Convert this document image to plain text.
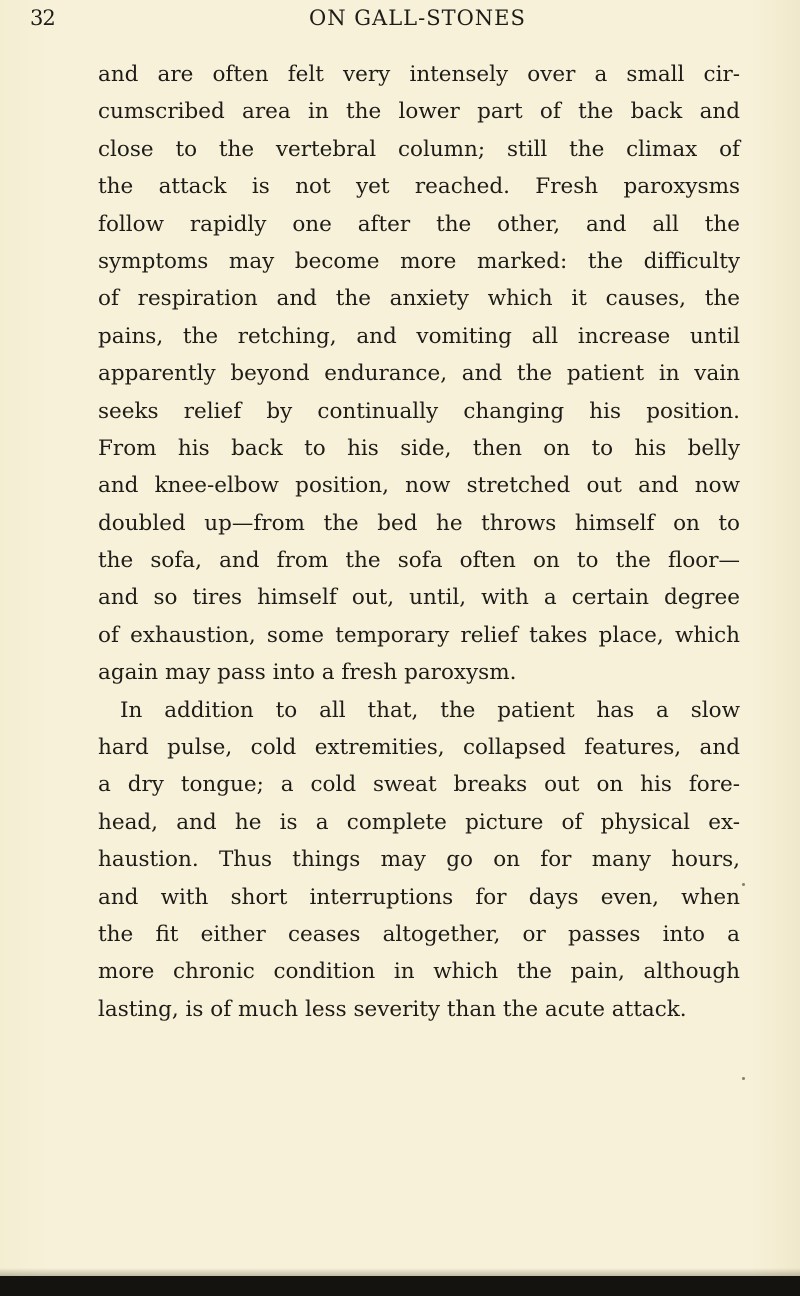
32	ON GALL-STONES
and are often felt very intensely over a small cir-
cumscribed area in the lower part of the back and
close to the vertebral column; still the climax of
the attack is not yet reached. Fresh paroxysms
follow rapidly one after the other, and all the
symptoms may become more marked: the difficulty
of respiration and the anxiety which it causes, the
pains, the retching, and vomiting all increase until
apparently beyond endurance, and the patient in vain
seeks relief by continually changing his position.
From his back to his side, then on to his belly
and knee-elbow position, now stretched out and now
doubled up—from the bed he throws himself on to
the sofa, and from the sofa often on to the floor—
and so tires himself out, until, with a certain degree
of exhaustion, some temporary relief takes place, which
again may pass into a fresh paroxysm.
In addition to all that, the patient has a slow
hard pulse, cold extremities, collapsed features, and
a dry tongue; a cold sweat breaks out on his fore-
head, and he is a complete picture of physical ex-
haustion. Thus things may go on for many hours,
and with short interruptions for days even, when
the fit either ceases altogether, or passes into a
more chronic condition in which the pain, although
lasting, is of much less severity than the acute attack.
